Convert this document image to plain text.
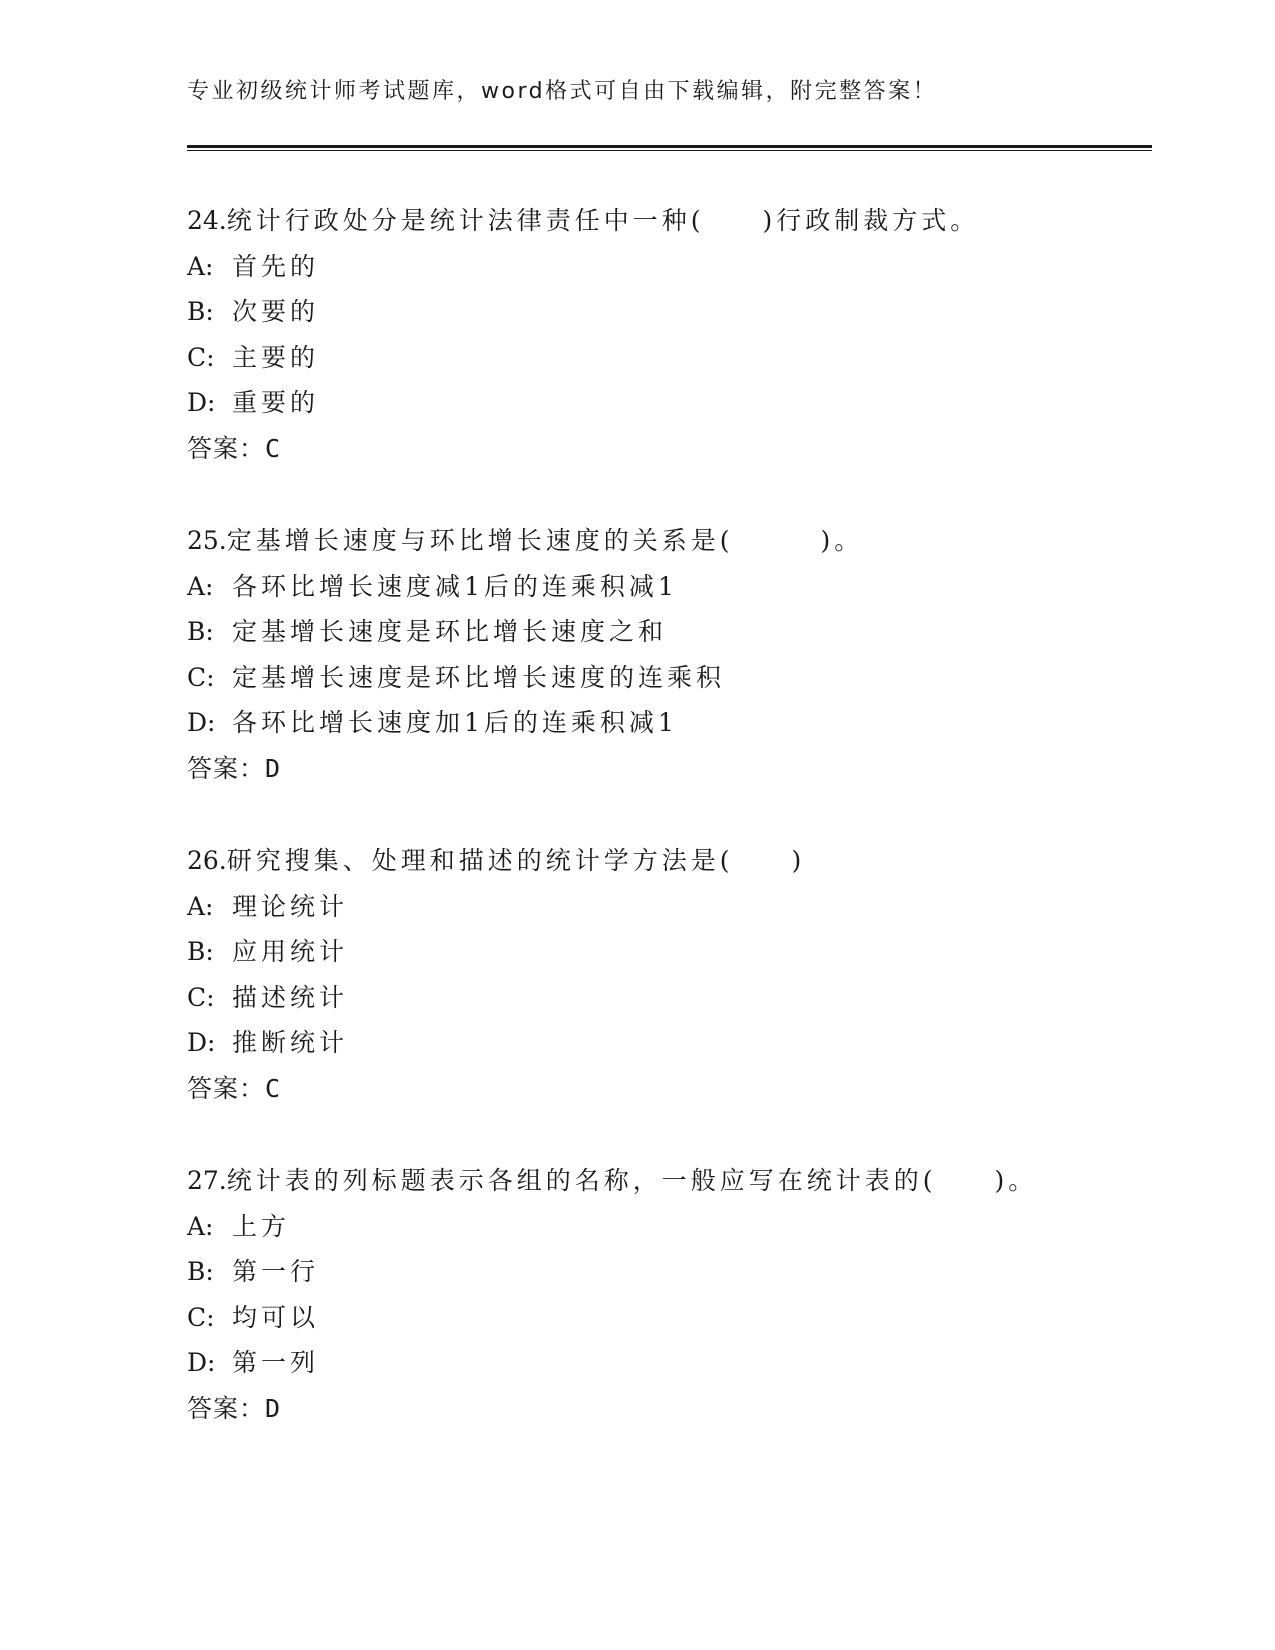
专业初级统计师考试题库，word格式可自由下载编辑，附完整答案！
24.统计行政处分是统计法律责任中一种(　　)行政制裁方式。
A: 首先的
B: 次要的
C: 主要的
D: 重要的
答案：C
25.定基增长速度与环比增长速度的关系是(　　　)。
A: 各环比增长速度减1后的连乘积减1
B: 定基增长速度是环比增长速度之和
C: 定基增长速度是环比增长速度的连乘积
D: 各环比增长速度加1后的连乘积减1
答案：D
26.研究搜集、处理和描述的统计学方法是(　　)
A: 理论统计
B: 应用统计
C: 描述统计
D: 推断统计
答案：C
27.统计表的列标题表示各组的名称，一般应写在统计表的(　　)。
A: 上方
B: 第一行
C: 均可以
D: 第一列
答案：D
